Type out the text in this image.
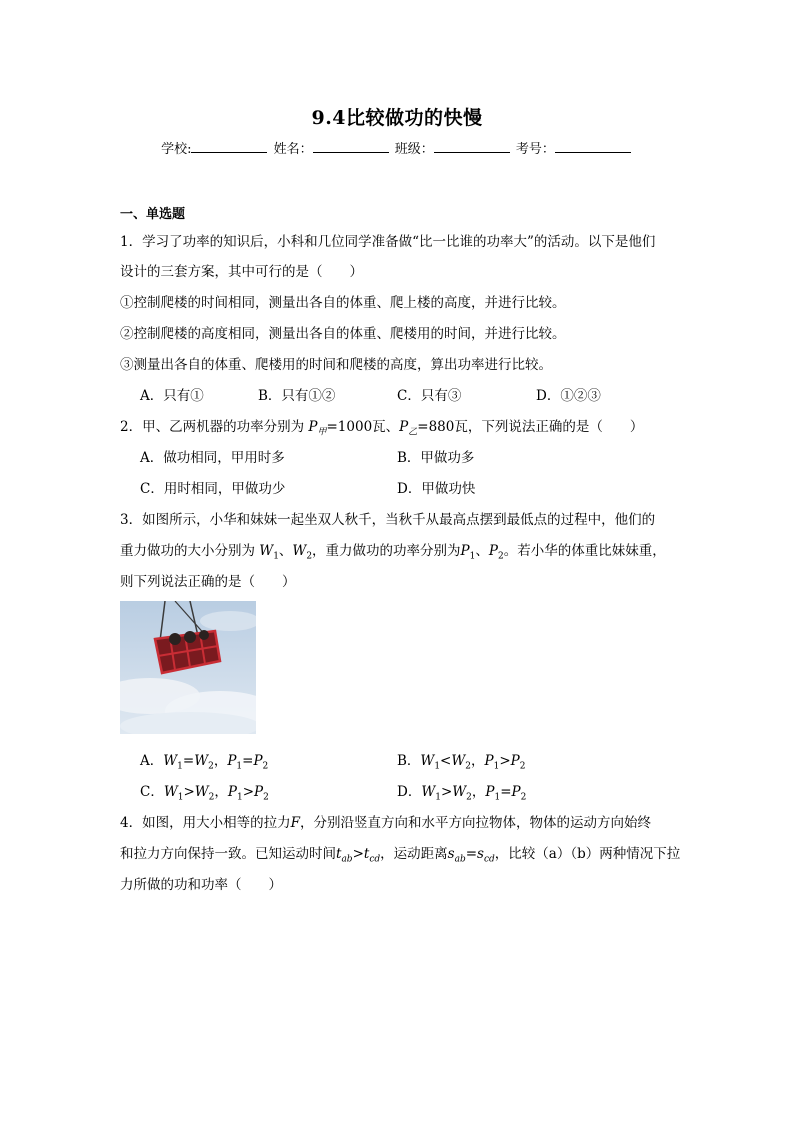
9.4比较做功的快慢
学校:	姓名：	班级：	考号：
一、单选题
1．学习了功率的知识后，小科和几位同学准备做“比一比谁的功率大”的活动。以下是他们
设计的三套方案，其中可行的是（　　）
①控制爬楼的时间相同，测量出各自的体重、爬上楼的高度，并进行比较。
②控制爬楼的高度相同，测量出各自的体重、爬楼用的时间，并进行比较。
③测量出各自的体重、爬楼用的时间和爬楼的高度，算出功率进行比较。
A．只有①	B．只有①②	C．只有③	D．①②③
2．甲、乙两机器的功率分别为 $P_甲=1000$瓦、$P_乙=880$瓦，下列说法正确的是（　　）
A．做功相同，甲用时多	B．甲做功多
C．用时相同，甲做功少	D．甲做功快
3．如图所示，小华和妹妹一起坐双人秋千，当秋千从最高点摆到最低点的过程中，他们的
重力做功的大小分别为 $W_1$、$W_2$，重力做功的功率分别为$P_1$、$P_2$。若小华的体重比妹妹重，
则下列说法正确的是（　　）
A．$W_1=W_2$，$P_1=P_2$	B．$W_1<W_2$，$P_1>P_2$
C．$W_1>W_2$，$P_1>P_2$	D．$W_1>W_2$，$P_1=P_2$
4．如图，用大小相等的拉力F，分别沿竖直方向和水平方向拉物体，物体的运动方向始终
和拉力方向保持一致。已知运动时间$t_{ab}>t_{cd}$，运动距离$s_{ab}=s_{cd}$，比较（a）（b）两种情况下拉
力所做的功和功率（　　）
